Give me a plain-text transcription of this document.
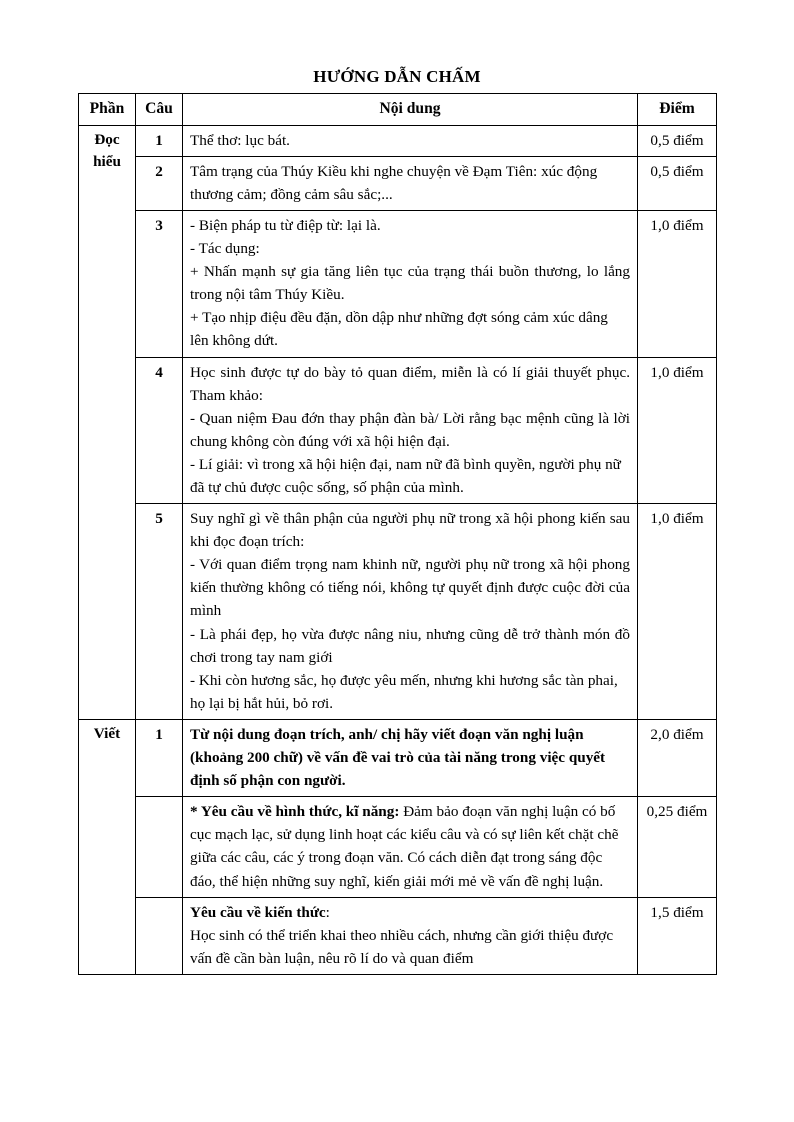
HƯỚNG DẪN CHẤM
Phần	Câu	Nội dung	Điểm
Đọc hiểu	1	Thể thơ: lục bát.	0,5 điểm
	2	Tâm trạng của Thúy Kiều khi nghe chuyện về Đạm Tiên: xúc động thương cảm; đồng cảm sâu sắc;...	0,5 điểm
	3	- Biện pháp tu từ điệp từ: lại là.

- Tác dụng:

+ Nhấn mạnh sự gia tăng liên tục của trạng thái buồn thương, lo lắng trong nội tâm Thúy Kiều.

+ Tạo nhịp điệu đều đặn, dồn dập như những đợt sóng cảm xúc dâng lên không dứt.	1,0 điểm
	4	Học sinh được tự do bày tỏ quan điểm, miễn là có lí giải thuyết phục. Tham khảo:

- Quan niệm Đau đớn thay phận đàn bà/ Lời rằng bạc mệnh cũng là lời chung không còn đúng với xã hội hiện đại.

- Lí giải: vì trong xã hội hiện đại, nam nữ đã bình quyền, người phụ nữ đã tự chủ được cuộc sống, số phận của mình.	1,0 điểm
	5	Suy nghĩ gì về thân phận của người phụ nữ trong xã hội phong kiến sau khi đọc đoạn trích:

- Với quan điểm trọng nam khinh nữ, người phụ nữ trong xã hội phong kiến thường không có tiếng nói, không tự quyết định được cuộc đời của mình

- Là phái đẹp, họ vừa được nâng niu, nhưng cũng dễ trở thành món đồ chơi trong tay nam giới

- Khi còn hương sắc, họ được yêu mến, nhưng khi hương sắc tàn phai, họ lại bị hắt hủi, bỏ rơi.	1,0 điểm
Viết	1	Từ nội dung đoạn trích, anh/ chị hãy viết đoạn văn nghị luận (khoảng 200 chữ) về vấn đề vai trò của tài năng trong việc quyết định số phận con người.	2,0 điểm

		* Yêu cầu về hình thức, kĩ năng: Đảm bảo đoạn văn nghị luận có bố cục mạch lạc, sử dụng linh hoạt các kiểu câu và có sự liên kết chặt chẽ giữa các câu, các ý trong đoạn văn. Có cách diễn đạt trong sáng độc đáo, thể hiện những suy nghĩ, kiến giải mới mẻ về vấn đề nghị luận.	0,25 điểm

		Yêu cầu về kiến thức:

Học sinh có thể triển khai theo nhiều cách, nhưng cần giới thiệu được vấn đề cần bàn luận, nêu rõ lí do và quan điểm	1,5 điểm
